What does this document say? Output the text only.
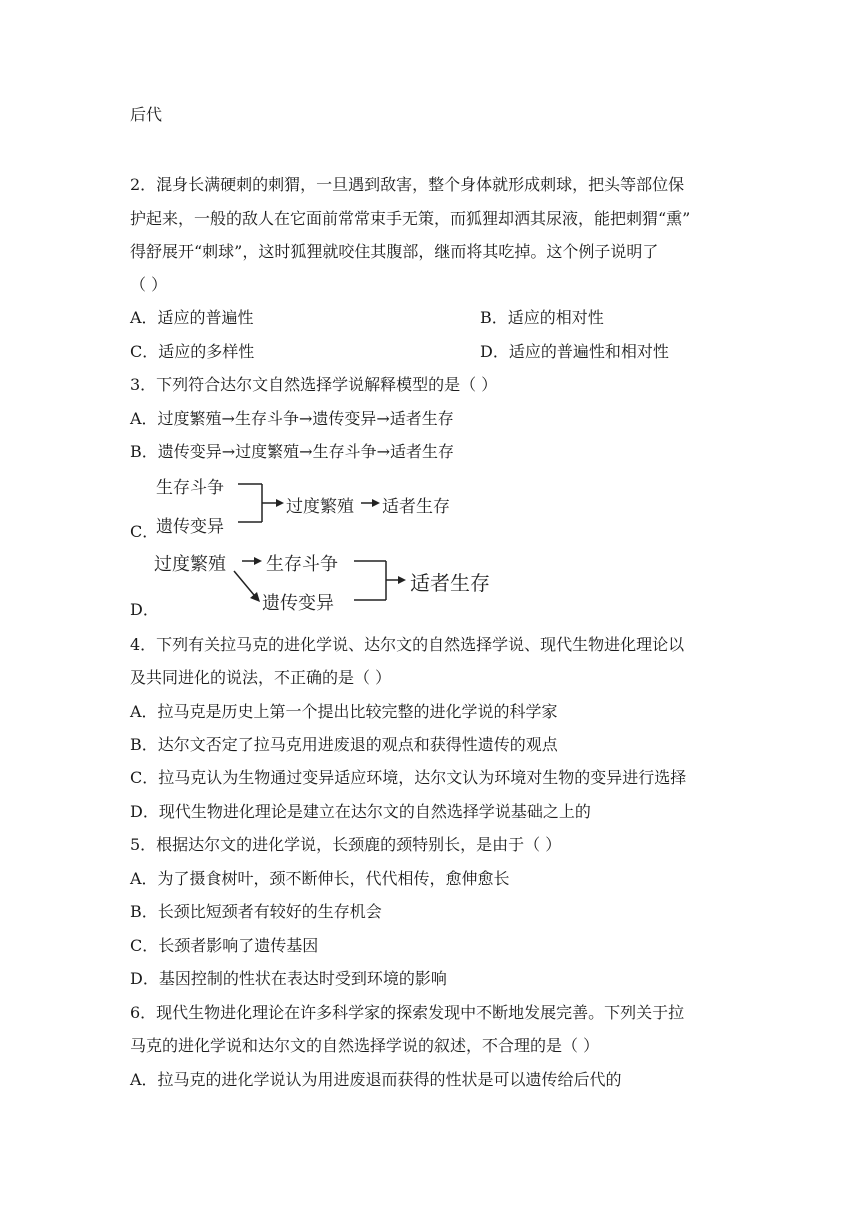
后代
2．混身长满硬刺的刺猬，一旦遇到敌害，整个身体就形成刺球，把头等部位保
护起来，一般的敌人在它面前常常束手无策，而狐狸却洒其尿液，能把刺猬“熏”
得舒展开“刺球”，这时狐狸就咬住其腹部，继而将其吃掉。这个例子说明了
（ ）
A．适应的普遍性	B．适应的相对性
C．适应的多样性	D．适应的普遍性和相对性
3．下列符合达尔文自然选择学说解释模型的是（ ）
A．过度繁殖→生存斗争→遗传变异→适者生存
B．遗传变异→过度繁殖→生存斗争→适者生存
C．
生存斗争
遗传变异
过度繁殖 适者生存
D．
过度繁殖 生存斗争
遗传变异
适者生存
4．下列有关拉马克的进化学说、达尔文的自然选择学说、现代生物进化理论以
及共同进化的说法，不正确的是（ ）
A．拉马克是历史上第一个提出比较完整的进化学说的科学家
B．达尔文否定了拉马克用进废退的观点和获得性遗传的观点
C．拉马克认为生物通过变异适应环境，达尔文认为环境对生物的变异进行选择
D．现代生物进化理论是建立在达尔文的自然选择学说基础之上的
5．根据达尔文的进化学说，长颈鹿的颈特别长，是由于（ ）
A．为了摄食树叶，颈不断伸长，代代相传，愈伸愈长
B．长颈比短颈者有较好的生存机会
C．长颈者影响了遗传基因
D．基因控制的性状在表达时受到环境的影响
6．现代生物进化理论在许多科学家的探索发现中不断地发展完善。下列关于拉
马克的进化学说和达尔文的自然选择学说的叙述，不合理的是（ ）
A．拉马克的进化学说认为用进废退而获得的性状是可以遗传给后代的
